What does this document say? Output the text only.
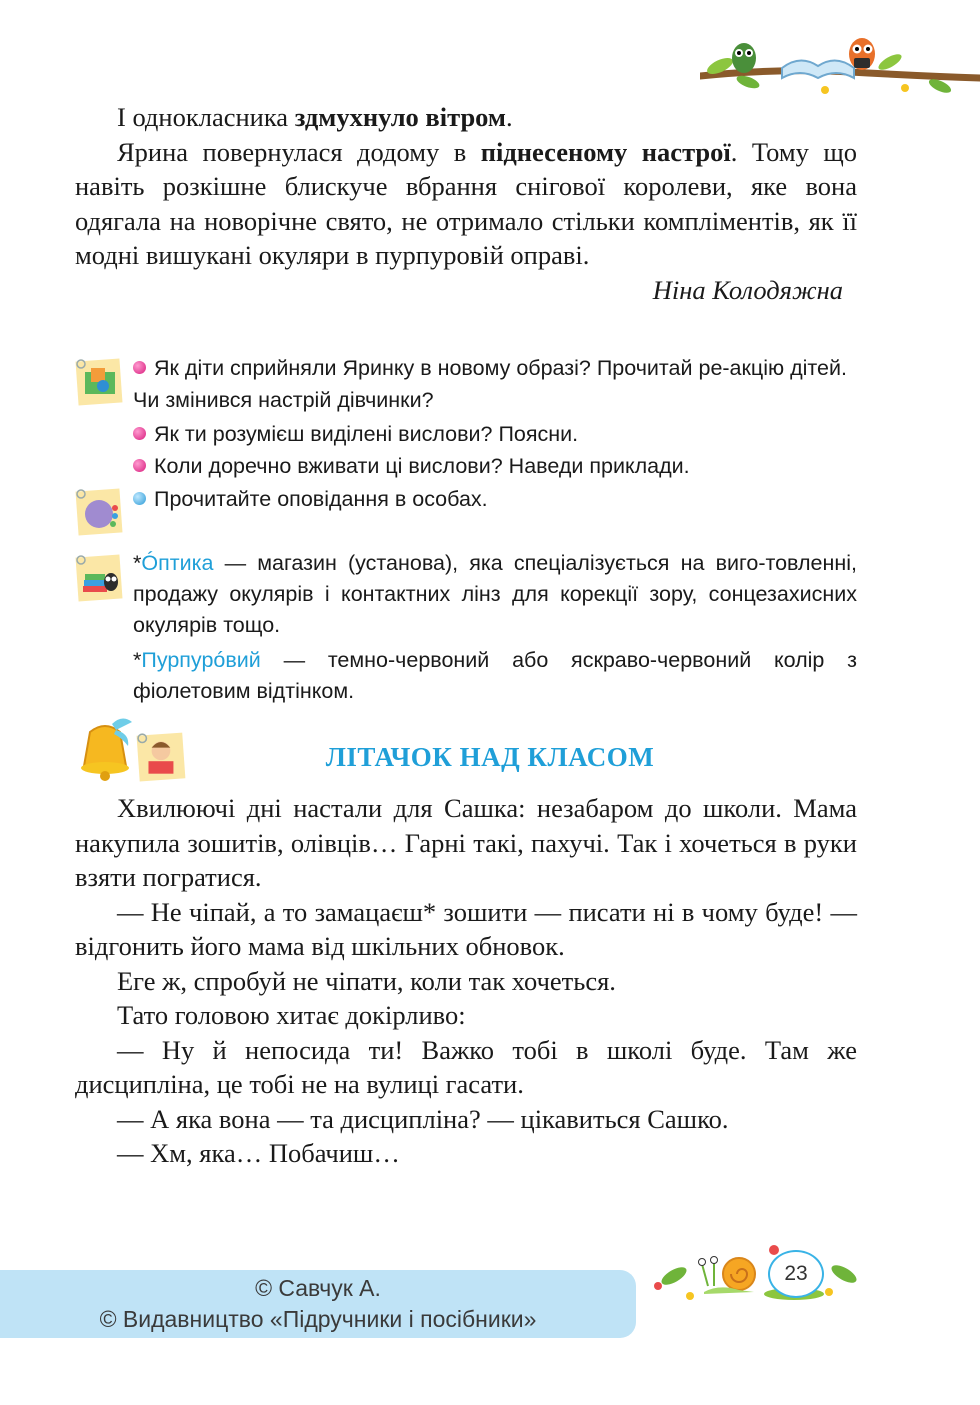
І однокласника здмухнуло вітром.

Ярина повернулася додому в піднесеному настрої. Тому що навіть розкішне блискуче вбрання снігової королеви, яке вона одягала на новорічне свято, не отримало стільки компліментів, як її модні вишукані окуляри в пурпуровій оправі.

Ніна Колодяжна

Як діти сприйняли Яринку в новому образі? Прочитай ре-акцію дітей. Чи змінився настрій дівчинки?
Як ти розумієш виділені вислови? Поясни.
Коли доречно вживати ці вислови? Наведи приклади.
Прочитайте оповідання в особах.
*Óптика — магазин (установа), яка спеціалізується на виго-товленні, продажу окулярів і контактних лінз для корекції зору, сонцезахисних окулярів тощо.
*Пурпурóвий — темно-червоний або яскраво-червоний колір з фіолетовим відтінком.
ЛІТАЧОК НАД КЛАСОМ

Хвилюючі дні настали для Сашка: незабаром до школи. Мама накупила зошитів, олівців… Гарні такі, пахучі. Так і хочеться в руки взяти погратися.

— Не чіпай, а то замацаєш* зошити — писати ні в чому буде! — відгонить його мама від шкільних обновок.

Еге ж, спробуй не чіпати, коли так хочеться.

Тато головою хитає докірливо:

— Ну й непосида ти! Важко тобі в школі буде. Там же дисципліна, це тобі не на вулиці гасати.

— А яка вона — та дисципліна? — цікавиться Сашко.

— Хм, яка… Побачиш…

© Савчук А.
© Видавництво «Підручники і посібники»
23
